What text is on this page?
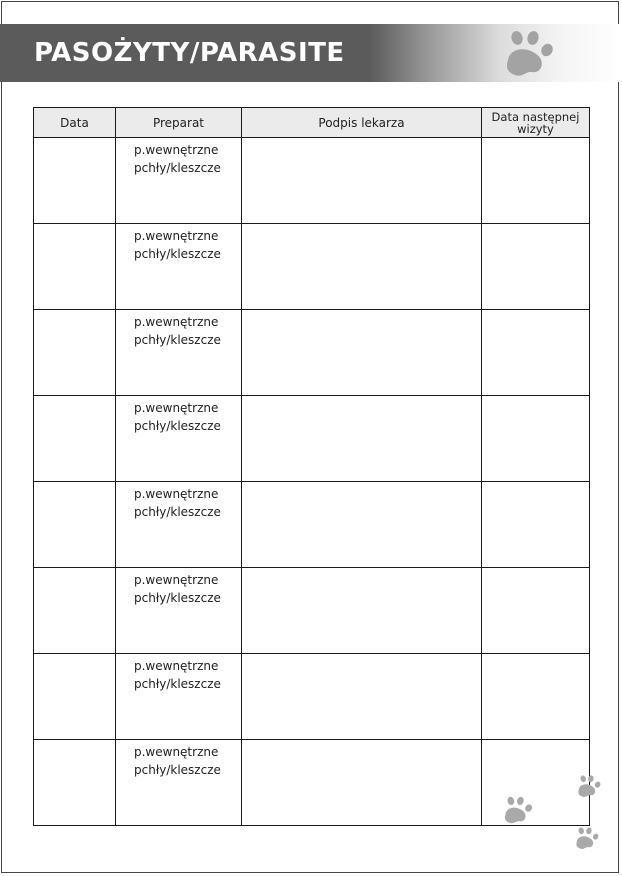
PASOŻYTY/PARASITE
Data	Preparat	Podpis lekarza	Data następnej wizyty

	p.wewnętrzne
pchły/kleszcze		

	p.wewnętrzne
pchły/kleszcze		

	p.wewnętrzne
pchły/kleszcze		

	p.wewnętrzne
pchły/kleszcze		

	p.wewnętrzne
pchły/kleszcze		

	p.wewnętrzne
pchły/kleszcze		

	p.wewnętrzne
pchły/kleszcze		

	p.wewnętrzne
pchły/kleszcze		
